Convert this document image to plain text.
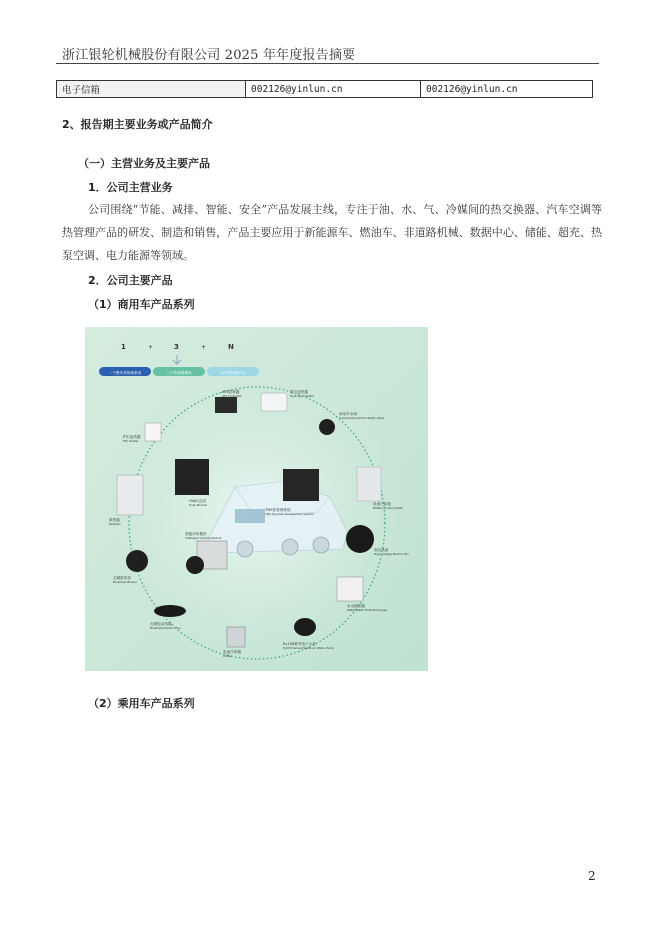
浙江银轮机械股份有限公司 2025 年年度报告摘要
电子信箱	002126@yinlun.cn	002126@yinlun.cn
2、报告期主要业务或产品简介
（一）主营业务及主要产品
1．公司主营业务
公司围绕“节能、减排、智能、安全”产品发展主线，专注于油、水、气、冷媒间的热交换器、汽车空调等热管理产品的研发、制造和销售，产品主要应用于新能源车、燃油车、非道路机械、数据中心、储能、超充、热泵空调、电力能源等领域。
2．公司主要产品
（1）商用车产品系列
1	+	3	+	N
一个整车热管理系统	三个热管理模块	N个热管理产品
ATS控制器
ATS Controller
氢气加热器
Hydrogen Heater
商用车水阀
Commercial Vehicle Water Valve
电池冷却板
Battery Cooling Plate
高压风扇
High-voltage Electric Fan
水水换热器
Water-Water Heat Exchanger
Ey158系列电子水泵
Ey158 Series Electronic Water Pump
电池冷却器
Chiller
无刷电动风扇
Brushless Electric Fan
无刷鼓风机
Brushless Blower
散热器
Radiator
PTC加热器
PTC Heater
HVAC总成
Hvac Module
TMS热管理系统
TMS Thermal management system
智能冷却模块
Intelligent Cooling Module
（2）乘用车产品系列
2
